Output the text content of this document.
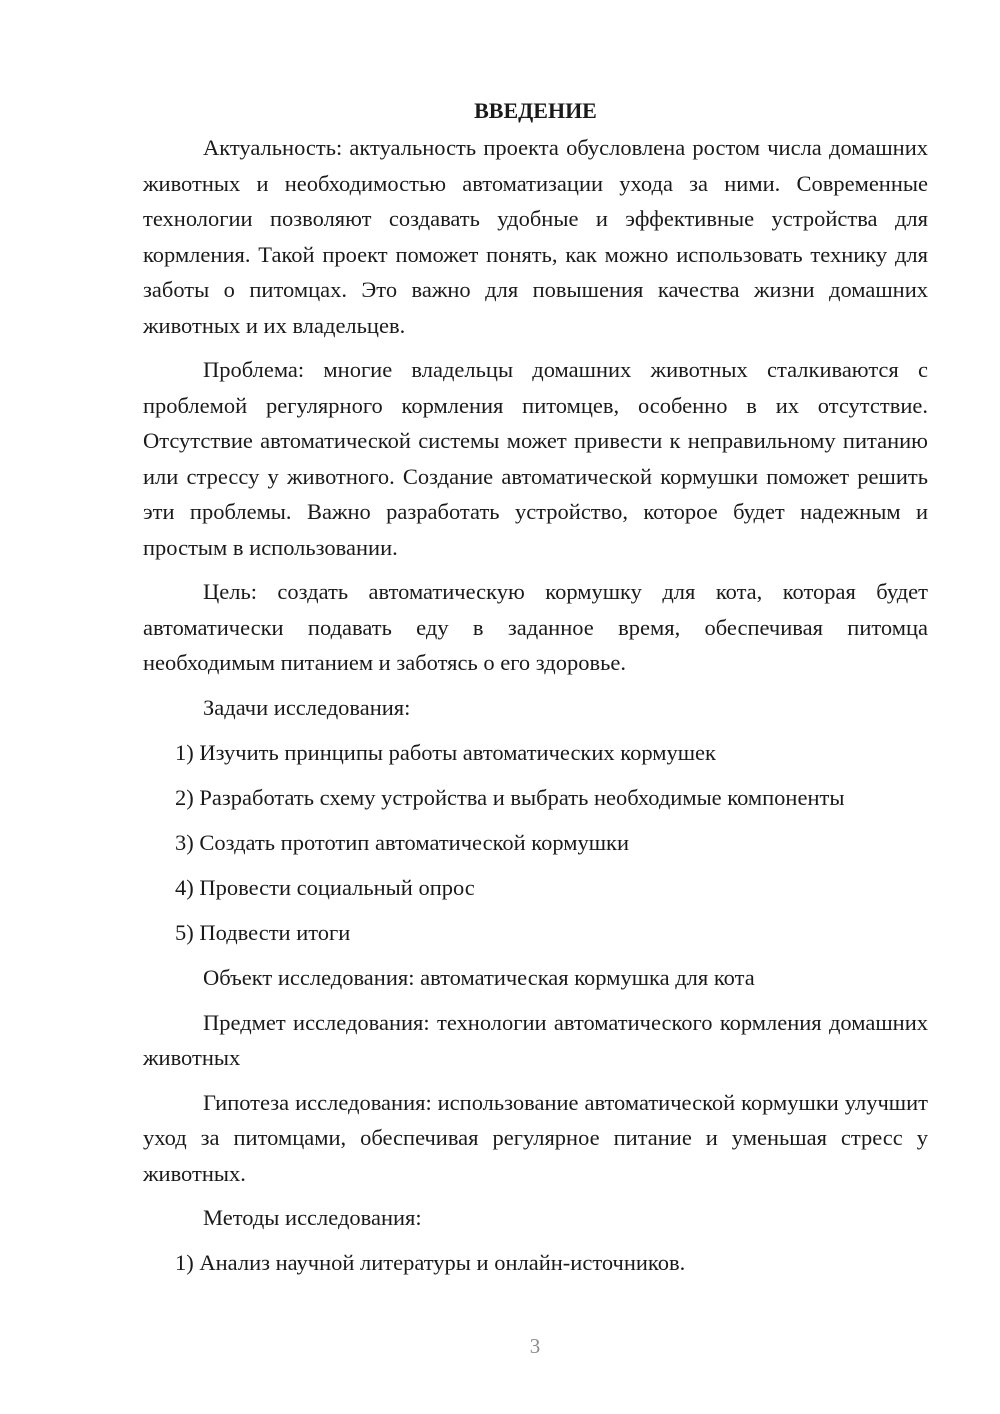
ВВЕДЕНИЕ

Актуальность: актуальность проекта обусловлена ростом числа домашних животных и необходимостью автоматизации ухода за ними. Современные технологии позволяют создавать удобные и эффективные устройства для кормления. Такой проект поможет понять, как можно использовать технику для заботы о питомцах. Это важно для повышения качества жизни домашних животных и их владельцев.

Проблема: многие владельцы домашних животных сталкиваются с проблемой регулярного кормления питомцев, особенно в их отсутствие. Отсутствие автоматической системы может привести к неправильному питанию или стрессу у животного. Создание автоматической кормушки поможет решить эти проблемы. Важно разработать устройство, которое будет надежным и простым в использовании.

Цель: создать автоматическую кормушку для кота, которая будет автоматически подавать еду в заданное время, обеспечивая питомца необходимым питанием и заботясь о его здоровье.

Задачи исследования:
1) Изучить принципы работы автоматических кормушек
2) Разработать схему устройства и выбрать необходимые компоненты
3) Создать прототип автоматической кормушки
4) Провести социальный опрос
5) Подвести итоги
Объект исследования: автоматическая кормушка для кота

Предмет исследования: технологии автоматического кормления домашних животных

Гипотеза исследования: использование автоматической кормушки улучшит уход за питомцами, обеспечивая регулярное питание и уменьшая стресс у животных.

Методы исследования:
1) Анализ научной литературы и онлайн-источников.
3
